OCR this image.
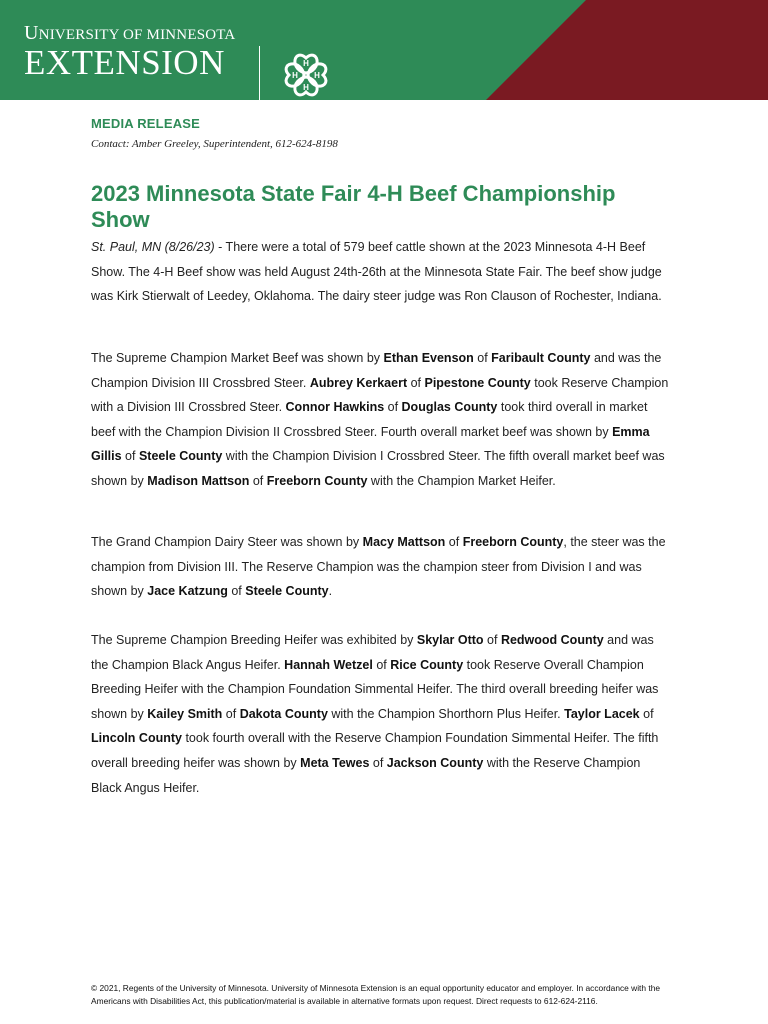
UNIVERSITY OF MINNESOTA
EXTENSION	H
H
H H
MEDIA RELEASE
Contact: Amber Greeley, Superintendent, 612-624-8198
2023 Minnesota State Fair 4-H Beef Championship Show

St. Paul, MN (8/26/23) - There were a total of 579 beef cattle shown at the 2023 Minnesota 4-H Beef Show. The 4-H Beef show was held August 24th-26th at the Minnesota State Fair. The beef show judge was Kirk Stierwalt of Leedey, Oklahoma. The dairy steer judge was Ron Clauson of Rochester, Indiana.

The Supreme Champion Market Beef was shown by Ethan Evenson of Faribault County and was the Champion Division III Crossbred Steer. Aubrey Kerkaert of Pipestone County took Reserve Champion with a Division III Crossbred Steer. Connor Hawkins of Douglas County took third overall in market beef with the Champion Division II Crossbred Steer. Fourth overall market beef was shown by Emma Gillis of Steele County with the Champion Division I Crossbred Steer. The fifth overall market beef was shown by Madison Mattson of Freeborn County with the Champion Market Heifer.

The Grand Champion Dairy Steer was shown by Macy Mattson of Freeborn County, the steer was the champion from Division III. The Reserve Champion was the champion steer from Division I and was shown by Jace Katzung of Steele County.

The Supreme Champion Breeding Heifer was exhibited by Skylar Otto of Redwood County and was the Champion Black Angus Heifer. Hannah Wetzel of Rice County took Reserve Overall Champion Breeding Heifer with the Champion Foundation Simmental Heifer. The third overall breeding heifer was shown by Kailey Smith of Dakota County with the Champion Shorthorn Plus Heifer. Taylor Lacek of Lincoln County took fourth overall with the Reserve Champion Foundation Simmental Heifer. The fifth overall breeding heifer was shown by Meta Tewes of Jackson County with the Reserve Champion Black Angus Heifer.

© 2021, Regents of the University of Minnesota. University of Minnesota Extension is an equal opportunity educator and employer. In accordance with the Americans with Disabilities Act, this publication/material is available in alternative formats upon request. Direct requests to 612-624-2116.
